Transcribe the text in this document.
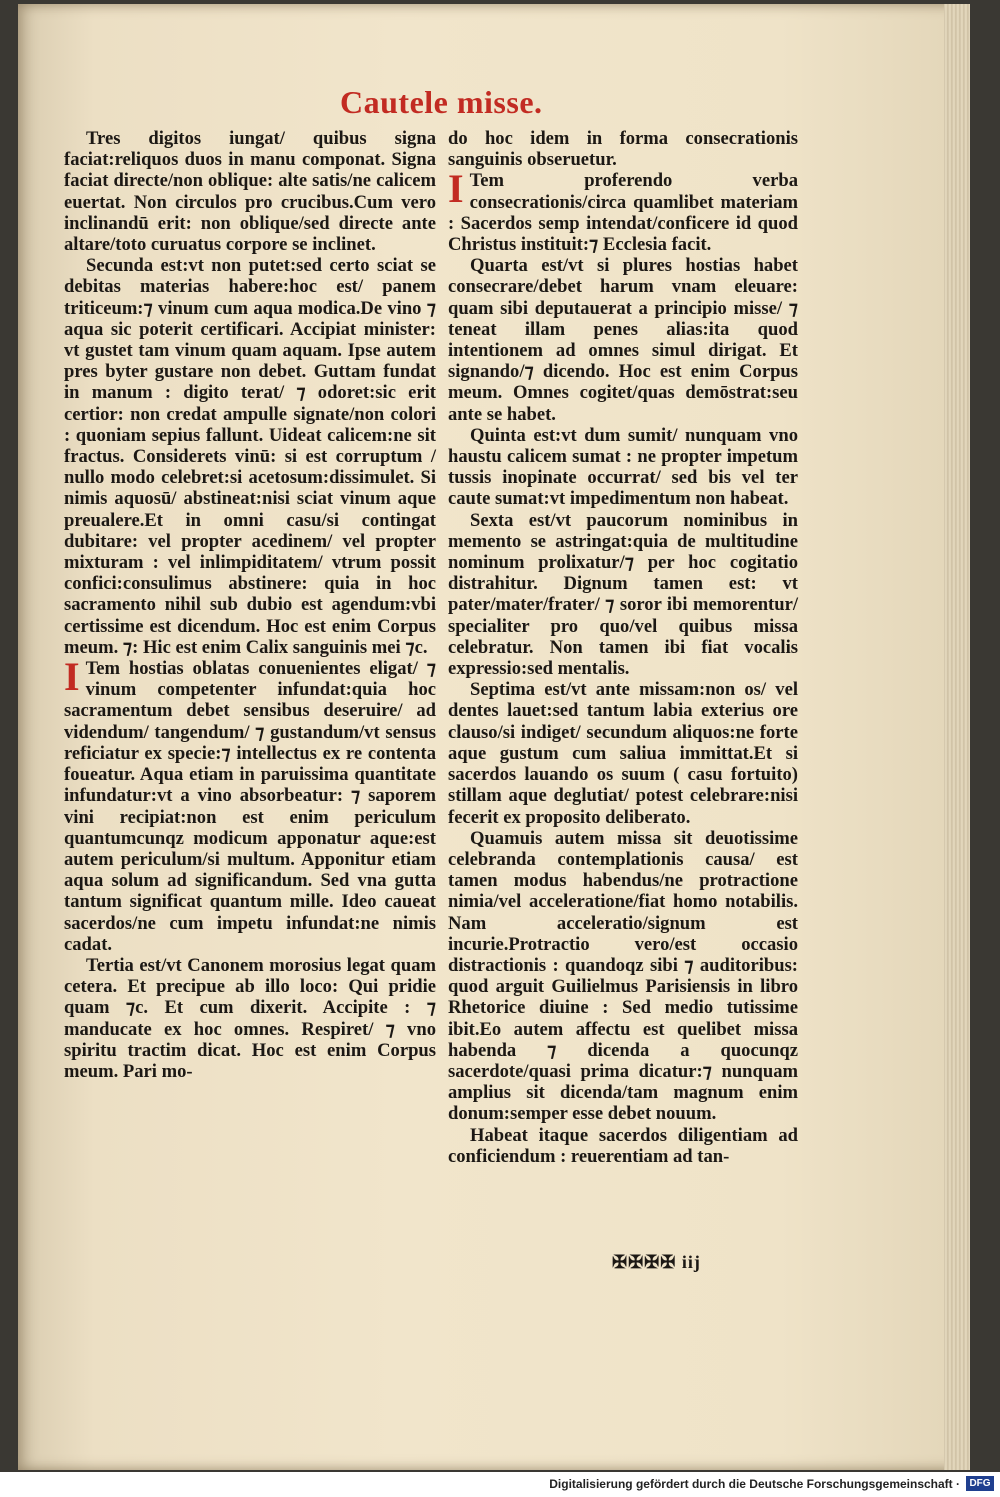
Cautele misse.

Tres digitos iungat/ quibus signa faciat:reliquos duos in manu componat. Signa faciat directe/non oblique: alte satis/ne calicem euertat. Non circulos pro crucibus.Cum vero inclinandū erit: non oblique/sed directe ante altare/toto curuatus corpore se inclinet.

Secunda est:vt non putet:sed certo sciat se debitas materias habere:hoc est/ panem triticeum:⁊ vinum cum aqua modica.De vino ⁊ aqua sic poterit certificari. Accipiat minister: vt gustet tam vinum quam aquam. Ipse autem pres byter gustare non debet. Guttam fundat in manum : digito terat/ ⁊ odoret:sic erit certior: non credat ampulle signate/non colori : quoniam sepius fallunt. Uideat calicem:ne sit fractus. Considerets vinū: si est corruptum / nullo modo celebret:si acetosum:dissimulet. Si nimis aquosū/ abstineat:nisi sciat vinum aque preualere.Et in omni casu/si contingat dubitare: vel propter acedinem/ vel propter mixturam : vel inlimpiditatem/ vtrum possit confici:consulimus abstinere: quia in hoc sacramento nihil sub dubio est agendum:vbi certissime est dicendum. Hoc est enim Corpus meum. ⁊: Hic est enim Calix sanguinis mei ⁊c.

I Tem hostias oblatas conuenientes eligat/ ⁊ vinum competenter infundat:quia hoc sacramentum debet sensibus deseruire/ ad videndum/ tangendum/ ⁊ gustandum/vt sensus reficiatur ex specie:⁊ intellectus ex re contenta foueatur. Aqua etiam in paruissima quantitate infundatur:vt a vino absorbeatur: ⁊ saporem vini recipiat:non est enim periculum quantumcunqz modicum apponatur aque:est autem periculum/si multum. Apponitur etiam aqua solum ad significandum. Sed vna gutta tantum significat quantum mille. Ideo caueat sacerdos/ne cum impetu infundat:ne nimis cadat.

Tertia est/vt Canonem morosius legat quam cetera. Et precipue ab illo loco: Qui pridie quam ⁊c. Et cum dixerit. Accipite : ⁊ manducate ex hoc omnes. Respiret/ ⁊ vno spiritu tractim dicat. Hoc est enim Corpus meum. Pari mo-

do hoc idem in forma consecrationis sanguinis obseruetur.

I Tem proferendo verba consecrationis/circa quamlibet materiam : Sacerdos semp intendat/conficere id quod Christus instituit:⁊ Ecclesia facit.

Quarta est/vt si plures hostias habet consecrare/debet harum vnam eleuare: quam sibi deputauerat a principio misse/ ⁊ teneat illam penes alias:ita quod intentionem ad omnes simul dirigat. Et signando/⁊ dicendo. Hoc est enim Corpus meum. Omnes cogitet/quas demōstrat:seu ante se habet.

Quinta est:vt dum sumit/ nunquam vno haustu calicem sumat : ne propter impetum tussis inopinate occurrat/ sed bis vel ter caute sumat:vt impedimentum non habeat.

Sexta est/vt paucorum nominibus in memento se astringat:quia de multitudine nominum prolixatur/⁊ per hoc cogitatio distrahitur. Dignum tamen est: vt pater/mater/frater/ ⁊ soror ibi memorentur/ specialiter pro quo/vel quibus missa celebratur. Non tamen ibi fiat vocalis expressio:sed mentalis.

Septima est/vt ante missam:non os/ vel dentes lauet:sed tantum labia exterius ore clauso/si indiget/ secundum aliquos:ne forte aque gustum cum saliua immittat.Et si sacerdos lauando os suum ( casu fortuito) stillam aque deglutiat/ potest celebrare:nisi fecerit ex proposito deliberato.

Quamuis autem missa sit deuotissime celebranda contemplationis causa/ est tamen modus habendus/ne protractione nimia/vel acceleratione/fiat homo notabilis. Nam acceleratio/signum est incurie.Protractio vero/est occasio distractionis : quandoqz sibi ⁊ auditoribus: quod arguit Guilielmus Parisiensis in libro Rhetorice diuine : Sed medio tutissime ibit.Eo autem affectu est quelibet missa habenda ⁊ dicenda a quocunqz sacerdote/quasi prima dicatur:⁊ nunquam amplius sit dicenda/tam magnum enim donum:semper esse debet nouum.

Habeat itaque sacerdos diligentiam ad conficiendum : reuerentiam ad tan-

✠✠✠✠ iij
Digitalisierung gefördert durch die Deutsche Forschungsgemeinschaft · DFG
